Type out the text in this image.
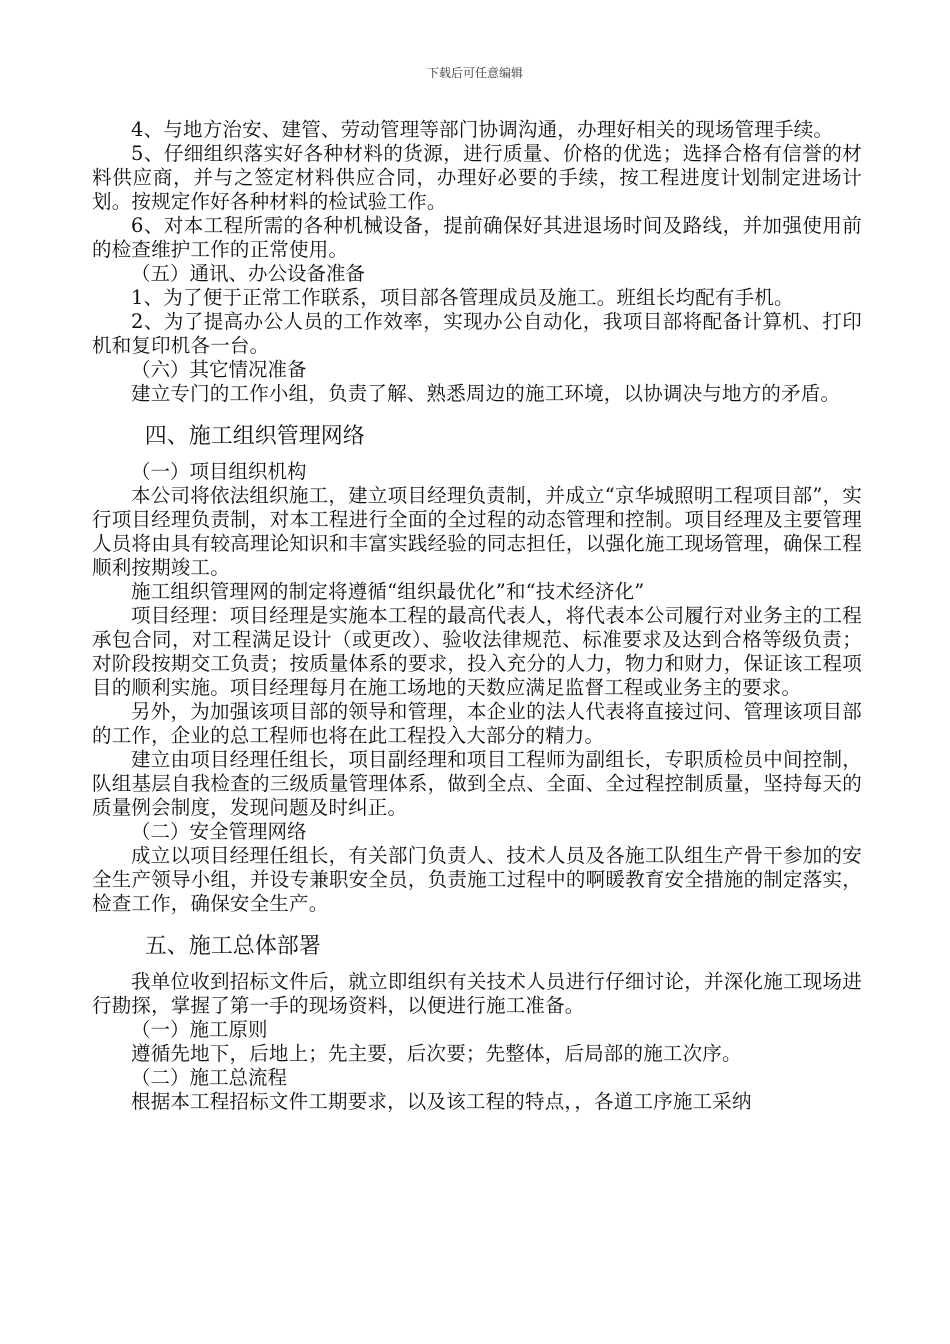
下载后可任意编辑

4、与地方治安、建管、劳动管理等部门协调沟通，办理好相关的现场管理手续。

5、仔细组织落实好各种材料的货源，进行质量、价格的优选；选择合格有信誉的材料供应商，并与之签定材料供应合同，办理好必要的手续，按工程进度计划制定进场计划。按规定作好各种材料的检试验工作。

6、对本工程所需的各种机械设备，提前确保好其进退场时间及路线，并加强使用前的检查维护工作的正常使用。

（五）通讯、办公设备准备

1、为了便于正常工作联系，项目部各管理成员及施工。班组长均配有手机。

2、为了提高办公人员的工作效率，实现办公自动化，我项目部将配备计算机、打印机和复印机各一台。

（六）其它情况准备

建立专门的工作小组，负责了解、熟悉周边的施工环境，以协调决与地方的矛盾。

四、施工组织管理网络

（一）项目组织机构

本公司将依法组织施工，建立项目经理负责制，并成立“京华城照明工程项目部”，实行项目经理负责制，对本工程进行全面的全过程的动态管理和控制。项目经理及主要管理人员将由具有较高理论知识和丰富实践经验的同志担任，以强化施工现场管理，确保工程顺利按期竣工。

施工组织管理网的制定将遵循“组织最优化”和“技术经济化”

项目经理：项目经理是实施本工程的最高代表人，将代表本公司履行对业务主的工程承包合同，对工程满足设计（或更改）、验收法律规范、标准要求及达到合格等级负责；对阶段按期交工负责；按质量体系的要求，投入充分的人力，物力和财力，保证该工程项目的顺利实施。项目经理每月在施工场地的天数应满足监督工程或业务主的要求。

另外，为加强该项目部的领导和管理，本企业的法人代表将直接过问、管理该项目部的工作，企业的总工程师也将在此工程投入大部分的精力。

建立由项目经理任组长，项目副经理和项目工程师为副组长，专职质检员中间控制，队组基层自我检查的三级质量管理体系，做到全点、全面、全过程控制质量，坚持每天的质量例会制度，发现问题及时纠正。

（二）安全管理网络

成立以项目经理任组长，有关部门负责人、技术人员及各施工队组生产骨干参加的安全生产领导小组，并设专兼职安全员，负责施工过程中的啊暖教育安全措施的制定落实，检查工作，确保安全生产。

五、施工总体部署

我单位收到招标文件后，就立即组织有关技术人员进行仔细讨论，并深化施工现场进行勘探，掌握了第一手的现场资料，以便进行施工准备。

（一）施工原则

遵循先地下，后地上；先主要，后次要；先整体，后局部的施工次序。

（二）施工总流程

根据本工程招标文件工期要求，以及该工程的特点，，各道工序施工采纳
